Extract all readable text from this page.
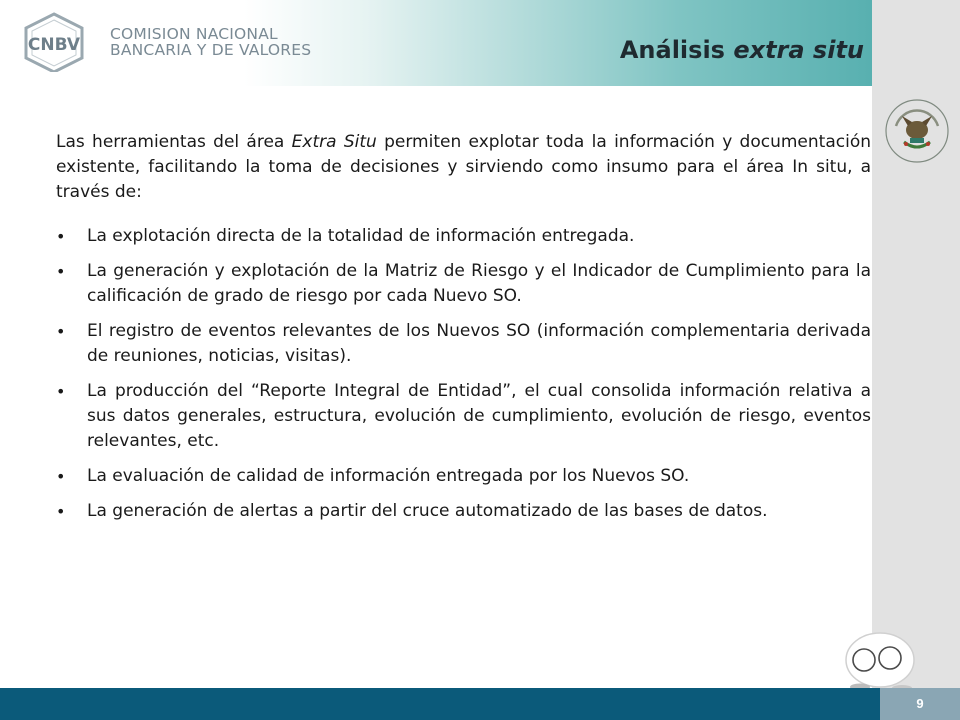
CNBV
COMISION NACIONAL
BANCARIA Y DE VALORES	Análisis extra situ

Las herramientas del área Extra Situ permiten explotar toda la información y documentación existente, facilitando la toma de decisiones y sirviendo como insumo para el área In situ, a través de:

• La explotación directa de la totalidad de información entregada.
• La generación y explotación de la Matriz de Riesgo y el Indicador de Cumplimiento para la calificación de grado de riesgo por cada Nuevo SO.
• El registro de eventos relevantes de los Nuevos SO (información complementaria derivada de reuniones, noticias, visitas).
• La producción del “Reporte Integral de Entidad”, el cual consolida información relativa a sus datos generales, estructura, evolución de cumplimiento, evolución de riesgo, eventos relevantes, etc.
• La evaluación de calidad de información entregada por los Nuevos SO.
• La generación de alertas a partir del cruce automatizado de las bases de datos.
9
